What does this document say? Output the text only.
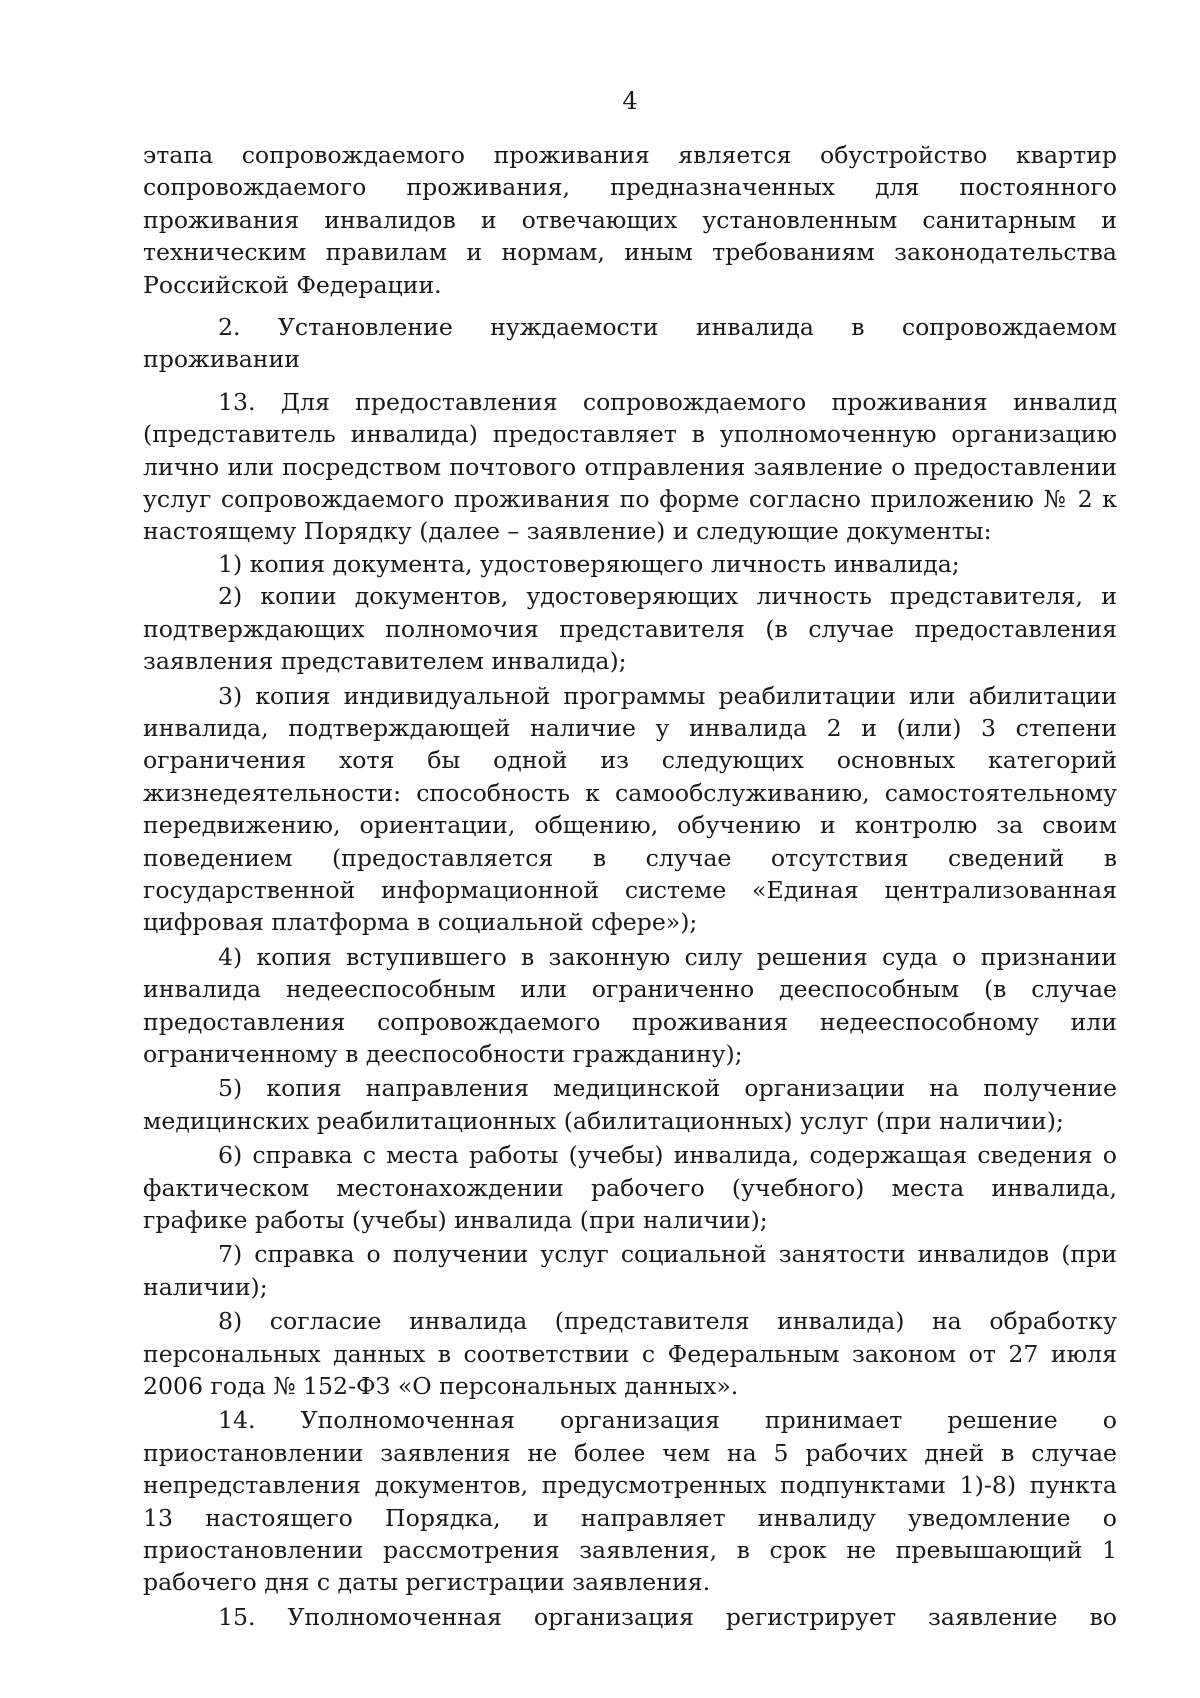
4

этапа сопровождаемого проживания является обустройство квартир сопровождаемого проживания, предназначенных для постоянного проживания инвалидов и отвечающих установленным санитарным и техническим правилам и нормам, иным требованиям законодательства Российской Федерации.

2. Установление нуждаемости инвалида в сопровождаемом проживании

13. Для предоставления сопровождаемого проживания инвалид (представитель инвалида) предоставляет в уполномоченную организацию лично или посредством почтового отправления заявление о предоставлении услуг сопровождаемого проживания по форме согласно приложению № 2 к настоящему Порядку (далее – заявление) и следующие документы:

1) копия документа, удостоверяющего личность инвалида;

2) копии документов, удостоверяющих личность представителя, и подтверждающих полномочия представителя (в случае предоставления заявления представителем инвалида);

3) копия индивидуальной программы реабилитации или абилитации инвалида, подтверждающей наличие у инвалида 2 и (или) 3 степени ограничения хотя бы одной из следующих основных категорий жизнедеятельности: способность к самообслуживанию, самостоятельному передвижению, ориентации, общению, обучению и контролю за своим поведением (предоставляется в случае отсутствия сведений в государственной информационной системе «Единая централизованная цифровая платформа в социальной сфере»);

4) копия вступившего в законную силу решения суда о признании инвалида недееспособным или ограниченно дееспособным (в случае предоставления сопровождаемого проживания недееспособному или ограниченному в дееспособности гражданину);

5) копия направления медицинской организации на получение медицинских реабилитационных (абилитационных) услуг (при наличии);

6) справка с места работы (учебы) инвалида, содержащая сведения о фактическом местонахождении рабочего (учебного) места инвалида, графике работы (учебы) инвалида (при наличии);

7) справка о получении услуг социальной занятости инвалидов (при наличии);

8) согласие инвалида (представителя инвалида) на обработку персональных данных в соответствии с Федеральным законом от 27 июля 2006 года № 152-ФЗ «О персональных данных».

14. Уполномоченная организация принимает решение о приостановлении заявления не более чем на 5 рабочих дней в случае непредставления документов, предусмотренных подпунктами 1)-8) пункта 13 настоящего Порядка, и направляет инвалиду уведомление о приостановлении рассмотрения заявления, в срок не превышающий 1 рабочего дня с даты регистрации заявления.

15. Уполномоченная организация регистрирует заявление во
